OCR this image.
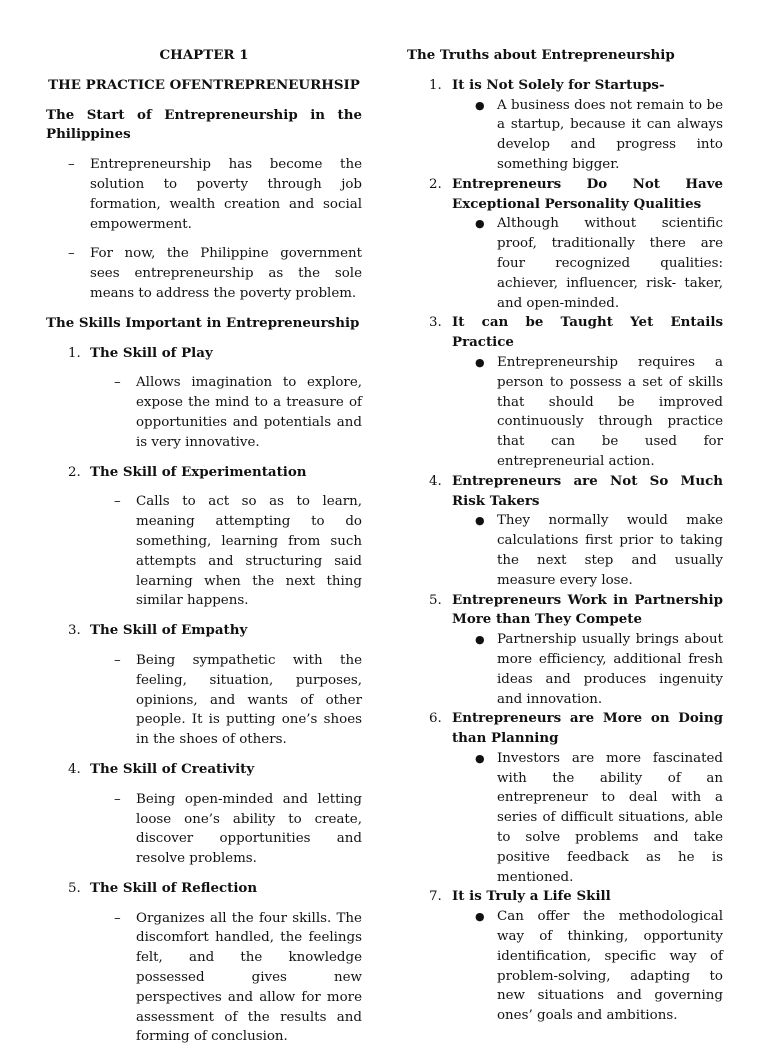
CHAPTER 1

THE PRACTICE OFENTREPRENEURHSIP

The Start of Entrepreneurship in the Philippines

– Entrepreneurship has become the solution to poverty through job formation, wealth creation and social empowerment.
– For now, the Philippine government sees entrepreneurship as the sole means to address the poverty problem.

The Skills Important in Entrepreneurship

1. The Skill of Play
– Allows imagination to explore, expose the mind to a treasure of opportunities and potentials and is very innovative.
2. The Skill of Experimentation
– Calls to act so as to learn, meaning attempting to do something, learning from such attempts and structuring said learning when the next thing similar happens.
3. The Skill of Empathy
– Being sympathetic with the feeling, situation, purposes, opinions, and wants of other people. It is putting one’s shoes in the shoes of others.
4. The Skill of Creativity
– Being open-minded and letting loose one’s ability to create, discover opportunities and resolve problems.
5. The Skill of Reflection
– Organizes all the four skills. The discomfort handled, the feelings felt, and the knowledge possessed gives new perspectives and allow for more assessment of the results and forming of conclusion.

The Truths about Entrepreneurship

1. It is Not Solely for Startups-
● A business does not remain to be a startup, because it can always develop and progress into something bigger.
2. Entrepreneurs Do Not Have Exceptional Personality Qualities
● Although without scientific proof, traditionally there are four recognized qualities: achiever, influencer, risk- taker, and open-minded.
3. It can be Taught Yet Entails Practice
● Entrepreneurship requires a person to possess a set of skills that should be improved continuously through practice that can be used for entrepreneurial action.
4. Entrepreneurs are Not So Much Risk Takers
● They normally would make calculations first prior to taking the next step and usually measure every lose.
5. Entrepreneurs Work in Partnership More than They Compete
● Partnership usually brings about more efficiency, additional fresh ideas and produces ingenuity and innovation.
6. Entrepreneurs are More on Doing than Planning
● Investors are more fascinated with the ability of an entrepreneur to deal with a series of difficult situations, able to solve problems and take positive feedback as he is mentioned.
7. It is Truly a Life Skill
● Can offer the methodological way of thinking, opportunity identification, specific way of problem-solving, adapting to new situations and governing ones’ goals and ambitions.
